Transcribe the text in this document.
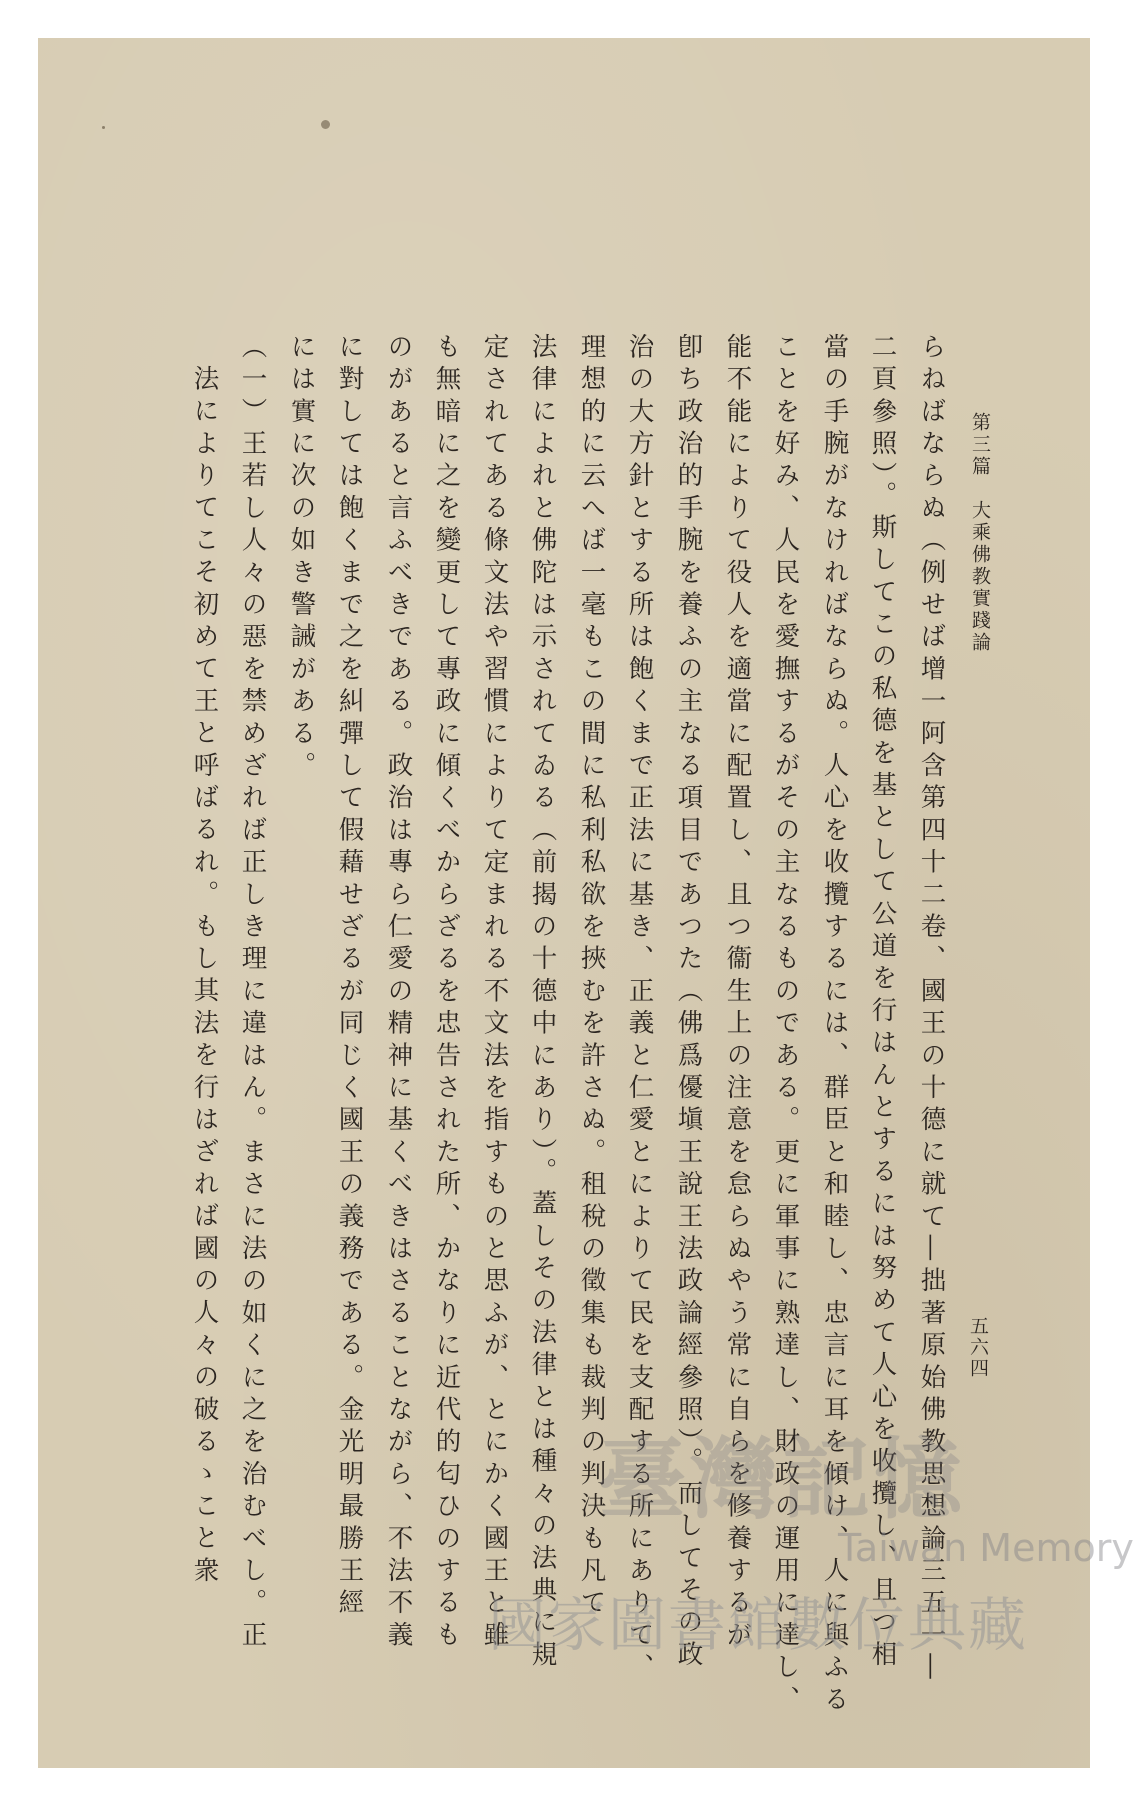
第三篇　大乘佛教實踐論
五六四
らねばならぬ（例せば增一阿含第四十二卷、國王の十德に就て―拙著原始佛教思想論三五一―
二頁參照）。斯してこの私德を基として公道を行はんとするには努めて人心を收攬し、且つ相
當の手腕がなければならぬ。人心を收攬するには、群臣と和睦し、忠言に耳を傾け、人に與ふる
ことを好み、人民を愛撫するがその主なるものである。更に軍事に熟達し、財政の運用に達し、
能不能によりて役人を適當に配置し、且つ衞生上の注意を怠らぬやう常に自らを修養するが
卽ち政治的手腕を養ふの主なる項目であつた（佛爲優塡王說王法政論經參照）。而してその政
治の大方針とする所は飽くまで正法に基き、正義と仁愛とによりて民を支配する所にありて、
理想的に云へば一毫もこの間に私利私欲を挾むを許さぬ。租稅の徵集も裁判の判決も凡て
法律によれと佛陀は示されてゐる（前揭の十德中にあり）。蓋しその法律とは種々の法典に規
定されてある條文法や習慣によりて定まれる不文法を指すものと思ふが、とにかく國王と雖
も無暗に之を變更して專政に傾くべからざるを忠告された所、かなりに近代的匂ひのするも
のがあると言ふべきである。政治は專ら仁愛の精神に基くべきはさることながら、不法不義
に對しては飽くまで之を糾彈して假藉せざるが同じく國王の義務である。金光明最勝王經
には實に次の如き警誡がある。
（一）王若し人々の惡を禁めざれば正しき理に違はん。まさに法の如くに之を治むべし。正
法によりてこそ初めて王と呼ばるれ。もし其法を行はざれば國の人々の破るゝこと衆	臺灣記憶
Taiwan Memory
國家圖書館數位典藏
